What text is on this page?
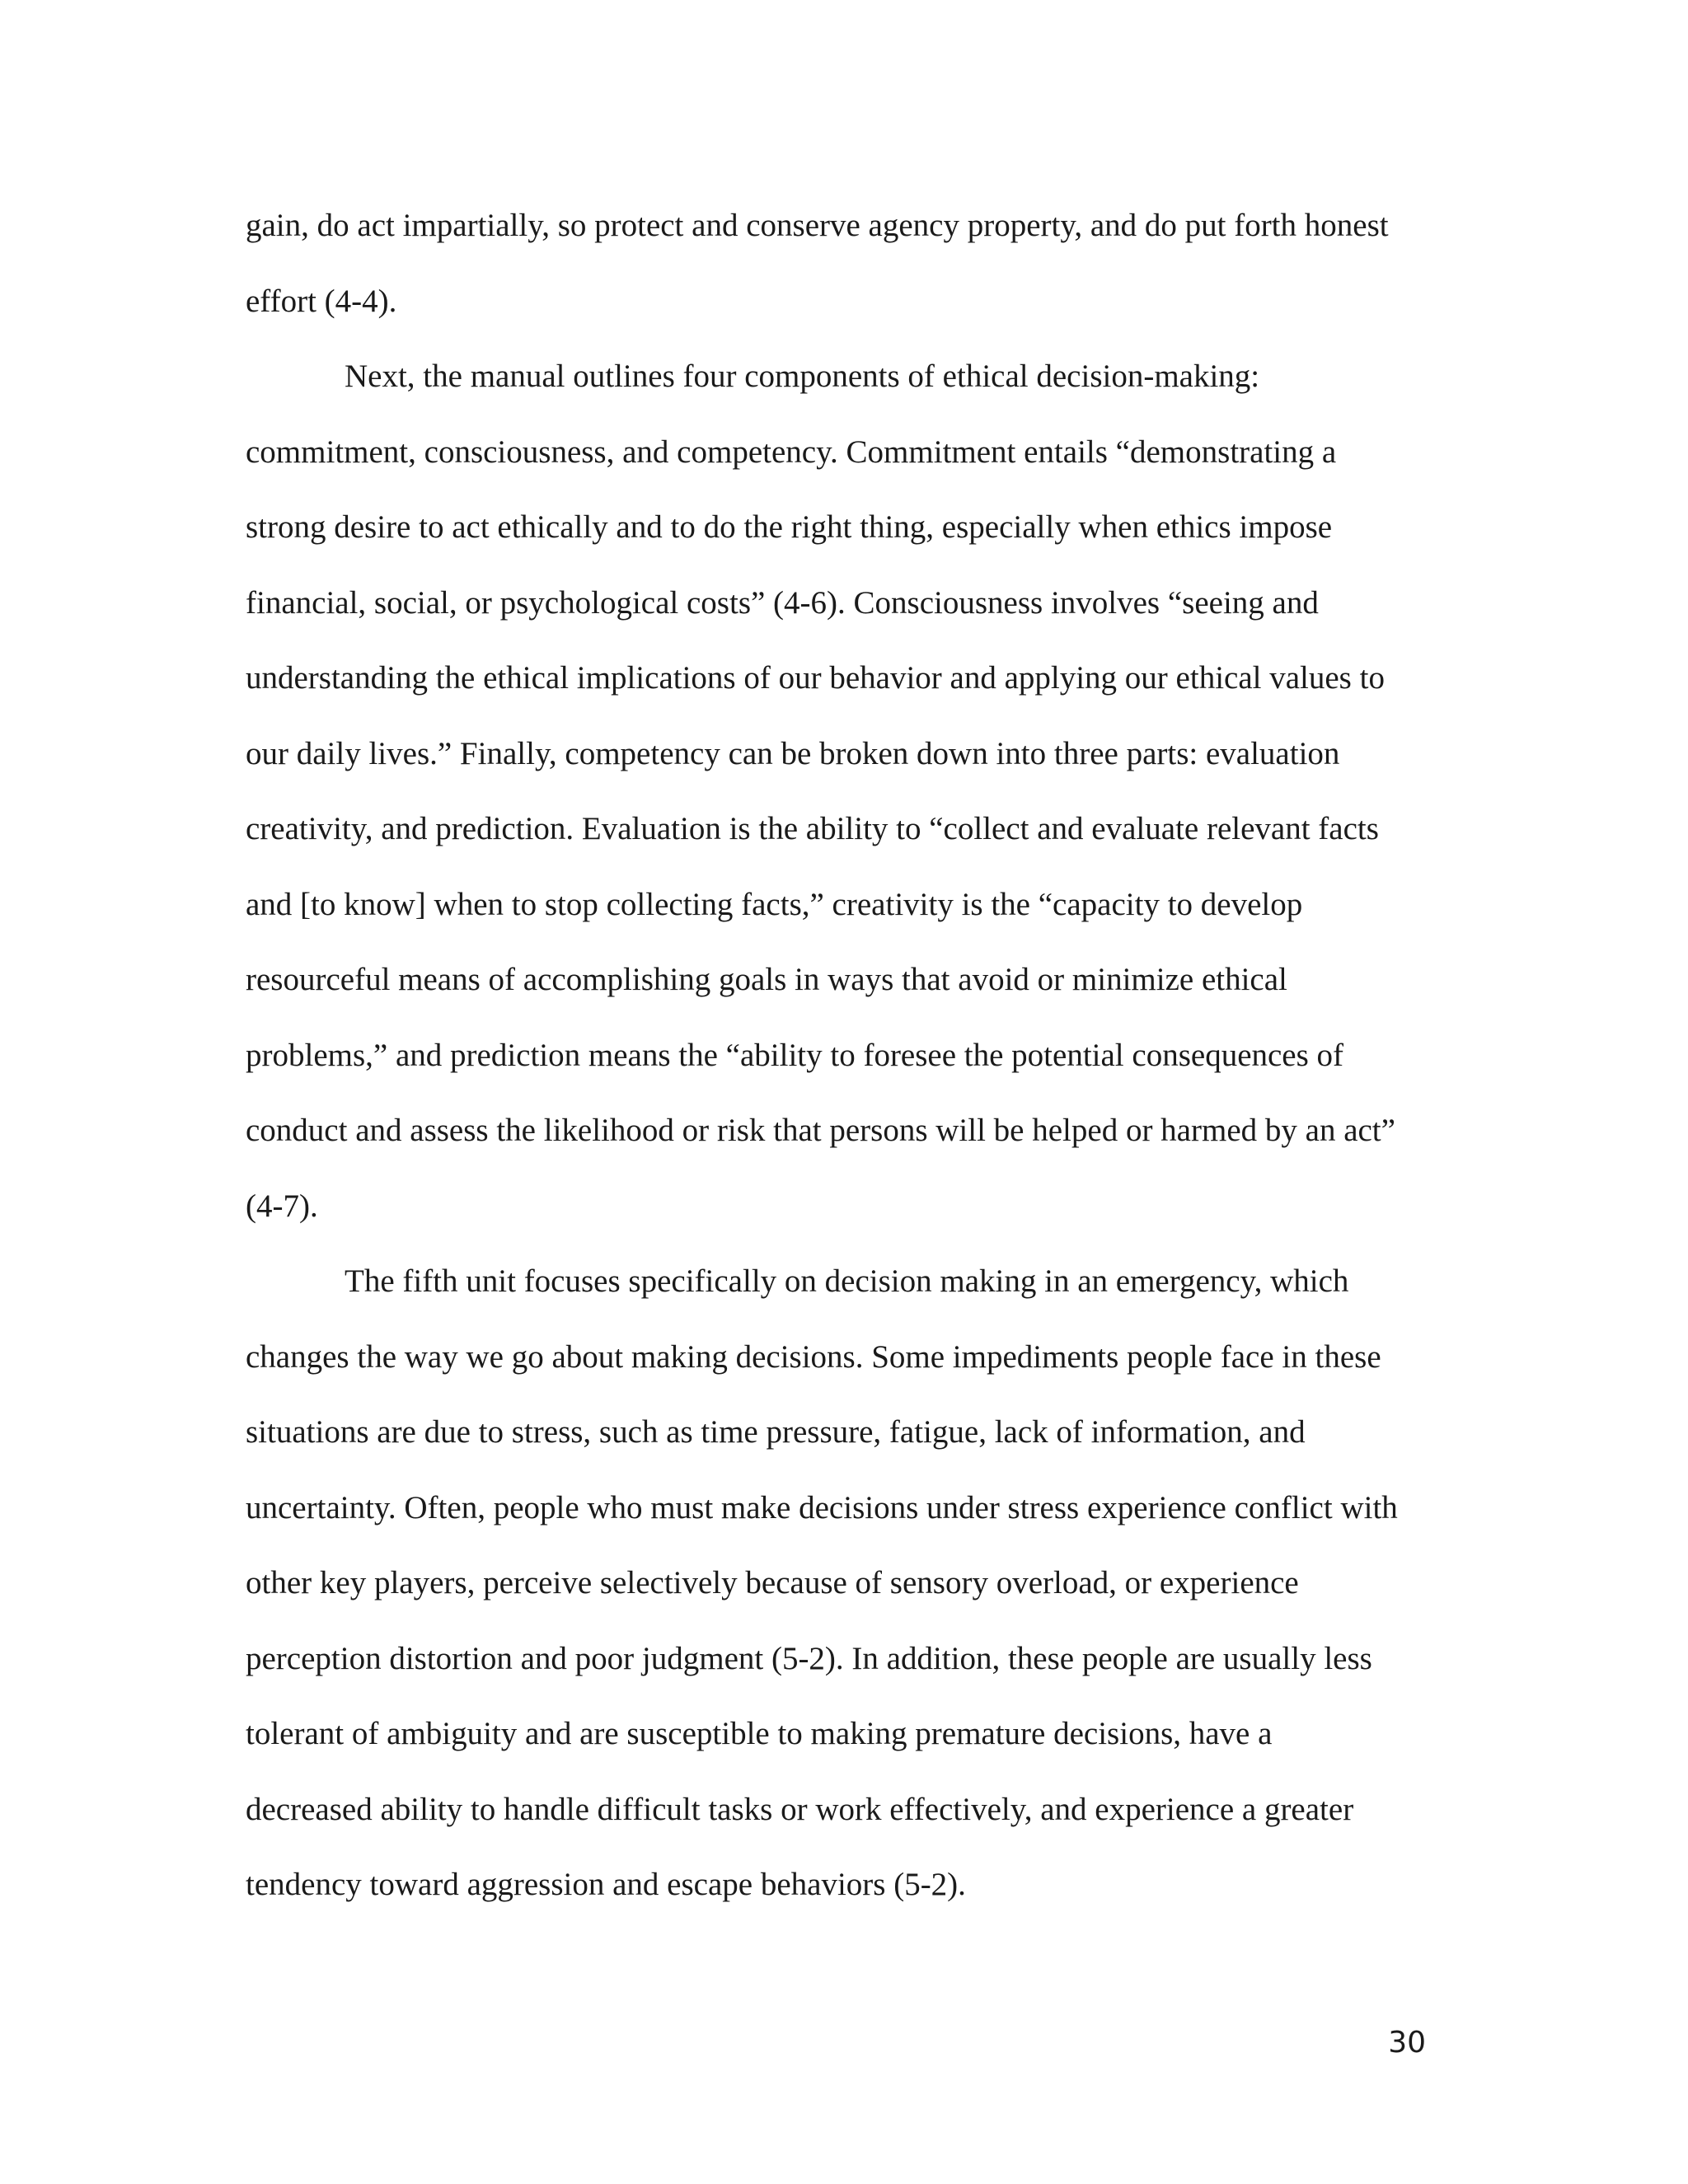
gain, do act impartially, so protect and conserve agency property, and do put forth honest

effort (4-4).

Next, the manual outlines four components of ethical decision-making:

commitment, consciousness, and competency. Commitment entails “demonstrating a

strong desire to act ethically and to do the right thing, especially when ethics impose

financial, social, or psychological costs” (4-6). Consciousness involves “seeing and

understanding the ethical implications of our behavior and applying our ethical values to

our daily lives.” Finally, competency can be broken down into three parts: evaluation

creativity, and prediction. Evaluation is the ability to “collect and evaluate relevant facts

and [to know] when to stop collecting facts,” creativity is the “capacity to develop

resourceful means of accomplishing goals in ways that avoid or minimize ethical

problems,” and prediction means the “ability to foresee the potential consequences of

conduct and assess the likelihood or risk that persons will be helped or harmed by an act”

(4-7).

The fifth unit focuses specifically on decision making in an emergency, which

changes the way we go about making decisions. Some impediments people face in these

situations are due to stress, such as time pressure, fatigue, lack of information, and

uncertainty. Often, people who must make decisions under stress experience conflict with

other key players, perceive selectively because of sensory overload, or experience

perception distortion and poor judgment (5-2). In addition, these people are usually less

tolerant of ambiguity and are susceptible to making premature decisions, have a

decreased ability to handle difficult tasks or work effectively, and experience a greater

tendency toward aggression and escape behaviors (5-2).

30
